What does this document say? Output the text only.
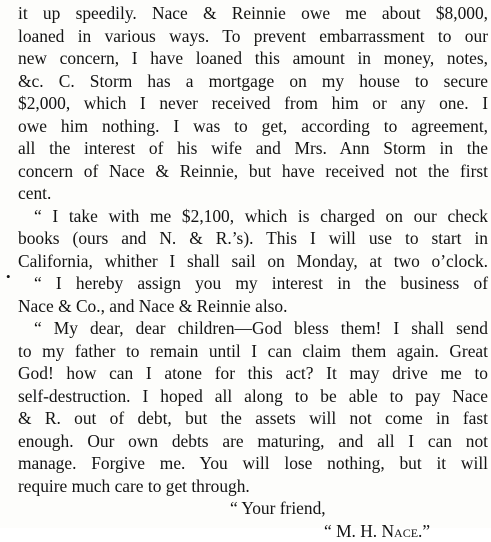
•
it up speedily. Nace & Reinnie owe me about $8,000,
loaned in various ways. To prevent embarrassment to our
new concern, I have loaned this amount in money, notes,
&c. C. Storm has a mortgage on my house to secure
$2,000, which I never received from him or any one. I
owe him nothing. I was to get, according to agreement,
all the interest of his wife and Mrs. Ann Storm in the
concern of Nace & Reinnie, but have received not the first
cent.
“ I take with me $2,100, which is charged on our check
books (ours and N. & R.’s). This I will use to start in
California, whither I shall sail on Monday, at two o’clock.
“ I hereby assign you my interest in the business of
Nace & Co., and Nace & Reinnie also.
“ My dear, dear children—God bless them! I shall send
to my father to remain until I can claim them again. Great
God! how can I atone for this act? It may drive me to
self-destruction. I hoped all along to be able to pay Nace
& R. out of debt, but the assets will not come in fast
enough. Our own debts are maturing, and all I can not
manage. Forgive me. You will lose nothing, but it will
require much care to get through.
“ Your friend,
“ M. H. Nace.”
